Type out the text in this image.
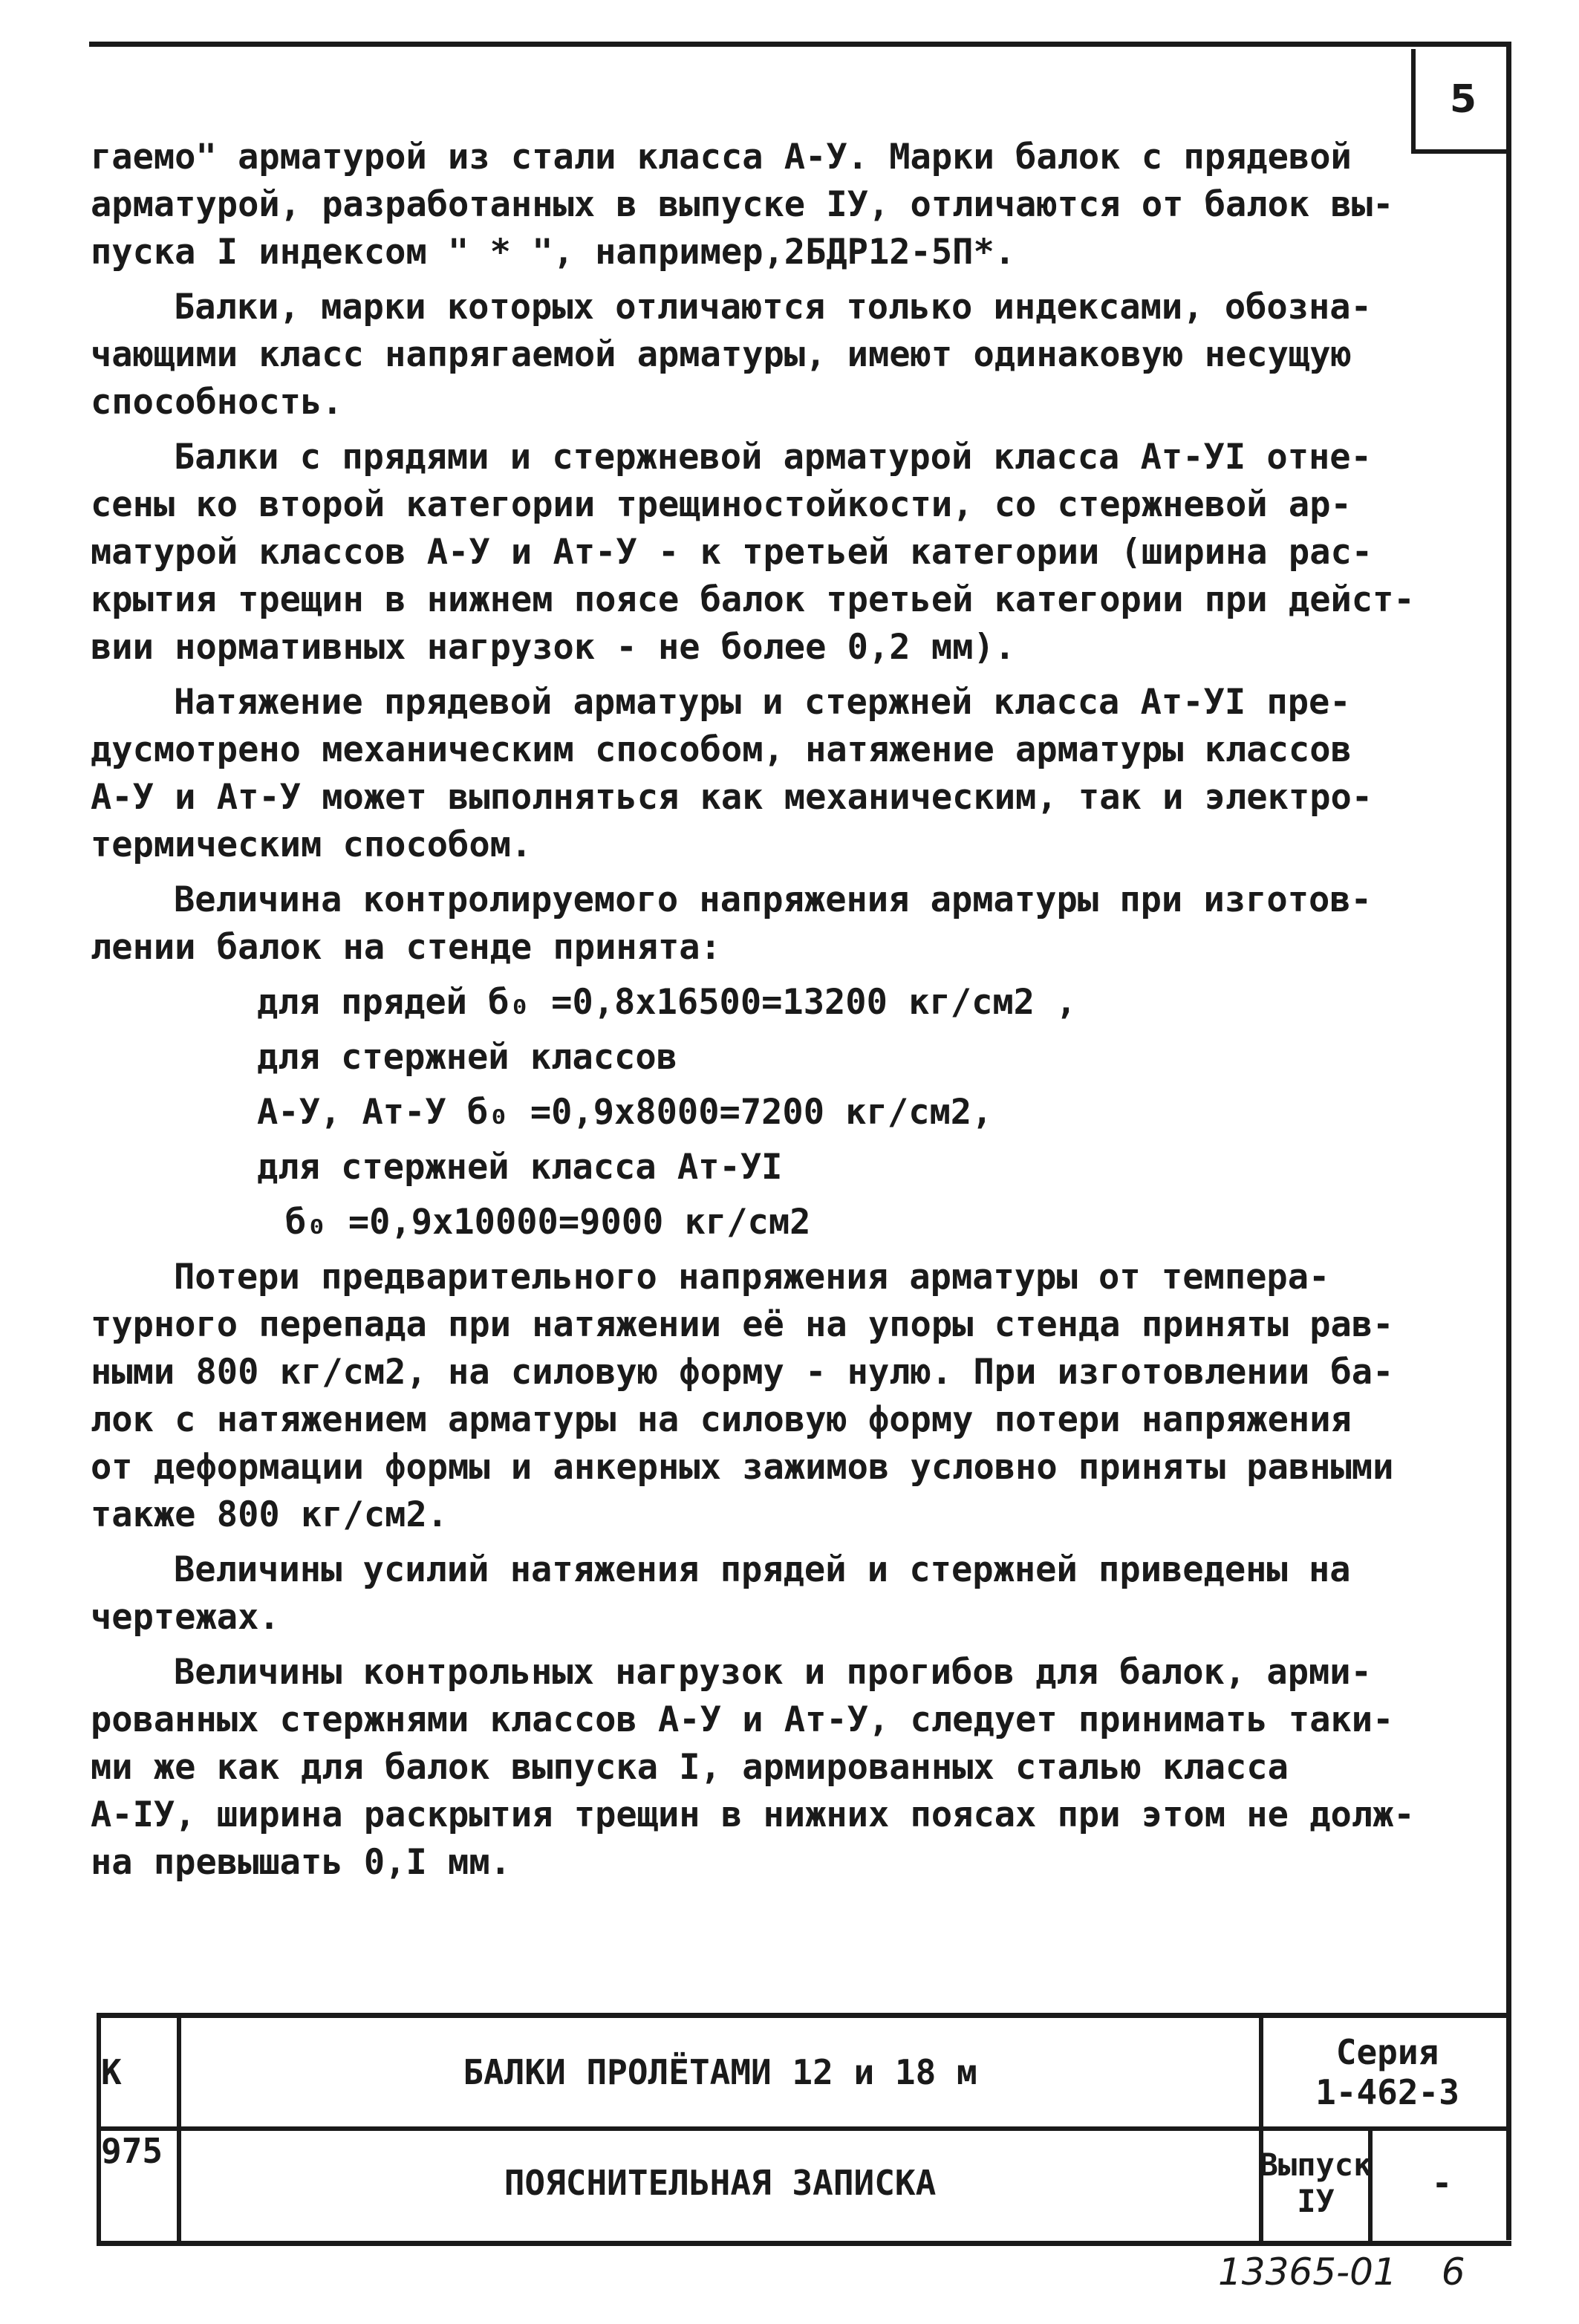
5

гаемо" арматурой из стали класса А-У. Марки балок с прядевой
арматурой, разработанных в выпуске IУ, отличаются от балок вы-
пуска I индексом " * ", например,2БДР12-5П*.

Балки, марки которых отличаются только индексами, обозна-
чающими класс напрягаемой арматуры, имеют одинаковую несущую
способность.

Балки с прядями и стержневой арматурой класса Ат-УI отне-
сены ко второй категории трещиностойкости, со стержневой ар-
матурой классов А-У и Ат-У - к третьей категории (ширина рас-
крытия трещин в нижнем поясе балок третьей категории при дейст-
вии нормативных нагрузок - не более 0,2 мм).

Натяжение прядевой арматуры и стержней класса Ат-УI пре-
дусмотрено механическим способом, натяжение арматуры классов
А-У и Ат-У может выполняться как механическим, так и электро-
термическим способом.

Величина контролируемого напряжения арматуры при изготов-
лении балок на стенде принята:

для прядей б₀ =0,8x16500=13200 кг/см2 ,

для стержней классов

А-У, Ат-У б₀ =0,9x8000=7200 кг/см2,

для стержней класса Ат-УI

б₀ =0,9x10000=9000 кг/см2

Потери предварительного напряжения арматуры от темпера-
турного перепада при натяжении её на упоры стенда приняты рав-
ными 800 кг/см2, на силовую форму - нулю. При изготовлении ба-
лок с натяжением арматуры на силовую форму потери напряжения
от деформации формы и анкерных зажимов условно приняты равными
также 800 кг/см2.

Величины усилий натяжения прядей и стержней приведены на
чертежах.

Величины контрольных нагрузок и прогибов для балок, арми-
рованных стержнями классов А-У и Ат-У, следует принимать таки-
ми же как для балок выпуска I, армированных сталью класса
А-IУ, ширина раскрытия трещин в нижних поясах при этом не долж-
на превышать 0,I мм.

К
975
БАЛКИ ПРОЛЁТАМИ 12 и 18 м
ПОЯСНИТЕЛЬНАЯ ЗАПИСКА
Серия
1-462-3
Выпуск
IУ	-
13365-01 6
